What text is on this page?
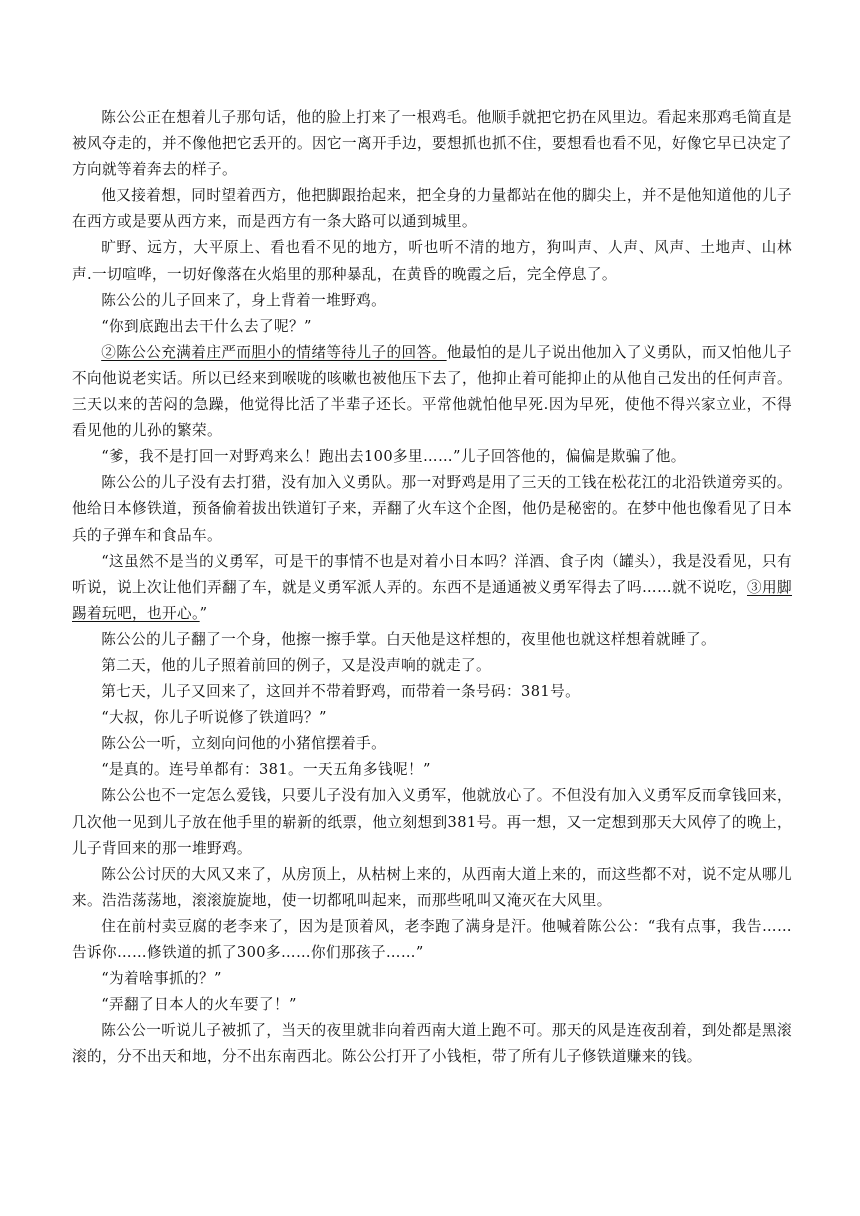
陈公公正在想着儿子那句话，他的脸上打来了一根鸡毛。他顺手就把它扔在风里边。看起来那鸡毛简直是被风夺走的，并不像他把它丢开的。因它一离开手边，要想抓也抓不住，要想看也看不见，好像它早已决定了方向就等着奔去的样子。

他又接着想，同时望着西方，他把脚跟抬起来，把全身的力量都站在他的脚尖上，并不是他知道他的儿子在西方或是要从西方来，而是西方有一条大路可以通到城里。

旷野、远方，大平原上、看也看不见的地方，听也听不清的地方，狗叫声、人声、风声、土地声、山林声.一切喧哗，一切好像落在火焰里的那种暴乱，在黄昏的晚霞之后，完全停息了。

陈公公的儿子回来了，身上背着一堆野鸡。

“你到底跑出去干什么去了呢？”

②陈公公充满着庄严而胆小的情绪等待儿子的回答。他最怕的是儿子说出他加入了义勇队，而又怕他儿子不向他说老实话。所以已经来到喉咙的咳嗽也被他压下去了，他抑止着可能抑止的从他自己发出的任何声音。三天以来的苦闷的急躁，他觉得比活了半辈子还长。平常他就怕他早死.因为早死，使他不得兴家立业，不得看见他的儿孙的繁荣。

“爹，我不是打回一对野鸡来么！跑出去100多里……”儿子回答他的，偏偏是欺骗了他。

陈公公的儿子没有去打猎，没有加入义勇队。那一对野鸡是用了三天的工钱在松花江的北沿铁道旁买的。他给日本修铁道，预备偷着拔出铁道钉子来，弄翻了火车这个企图，他仍是秘密的。在梦中他也像看见了日本兵的子弹车和食品车。

“这虽然不是当的义勇军，可是干的事情不也是对着小日本吗？洋酒、食子肉（罐头），我是没看见，只有听说，说上次让他们弄翻了车，就是义勇军派人弄的。东西不是通通被义勇军得去了吗……就不说吃，③用脚踢着玩吧，也开心。”

陈公公的儿子翻了一个身，他擦一擦手掌。白天他是这样想的，夜里他也就这样想着就睡了。

第二天，他的儿子照着前回的例子，又是没声响的就走了。

第七天，儿子又回来了，这回并不带着野鸡，而带着一条号码：381号。

“大叔，你儿子听说修了铁道吗？”

陈公公一听，立刻向问他的小猪倌摆着手。

“是真的。连号单都有：381。一天五角多钱呢！”

陈公公也不一定怎么爱钱，只要儿子没有加入义勇军，他就放心了。不但没有加入义勇军反而拿钱回来，几次他一见到儿子放在他手里的崭新的纸票，他立刻想到381号。再一想，又一定想到那天大风停了的晚上，儿子背回来的那一堆野鸡。

陈公公讨厌的大风又来了，从房顶上，从枯树上来的，从西南大道上来的，而这些都不对，说不定从哪儿来。浩浩荡荡地，滚滚旋旋地，使一切都吼叫起来，而那些吼叫又淹灭在大风里。

住在前村卖豆腐的老李来了，因为是顶着风，老李跑了满身是汗。他喊着陈公公：“我有点事，我告……告诉你……修铁道的抓了300多……你们那孩子……”

“为着啥事抓的？”

“弄翻了日本人的火车要了！”

陈公公一听说儿子被抓了，当天的夜里就非向着西南大道上跑不可。那天的风是连夜刮着，到处都是黑滚滚的，分不出天和地，分不出东南西北。陈公公打开了小钱柜，带了所有儿子修铁道赚来的钱。
